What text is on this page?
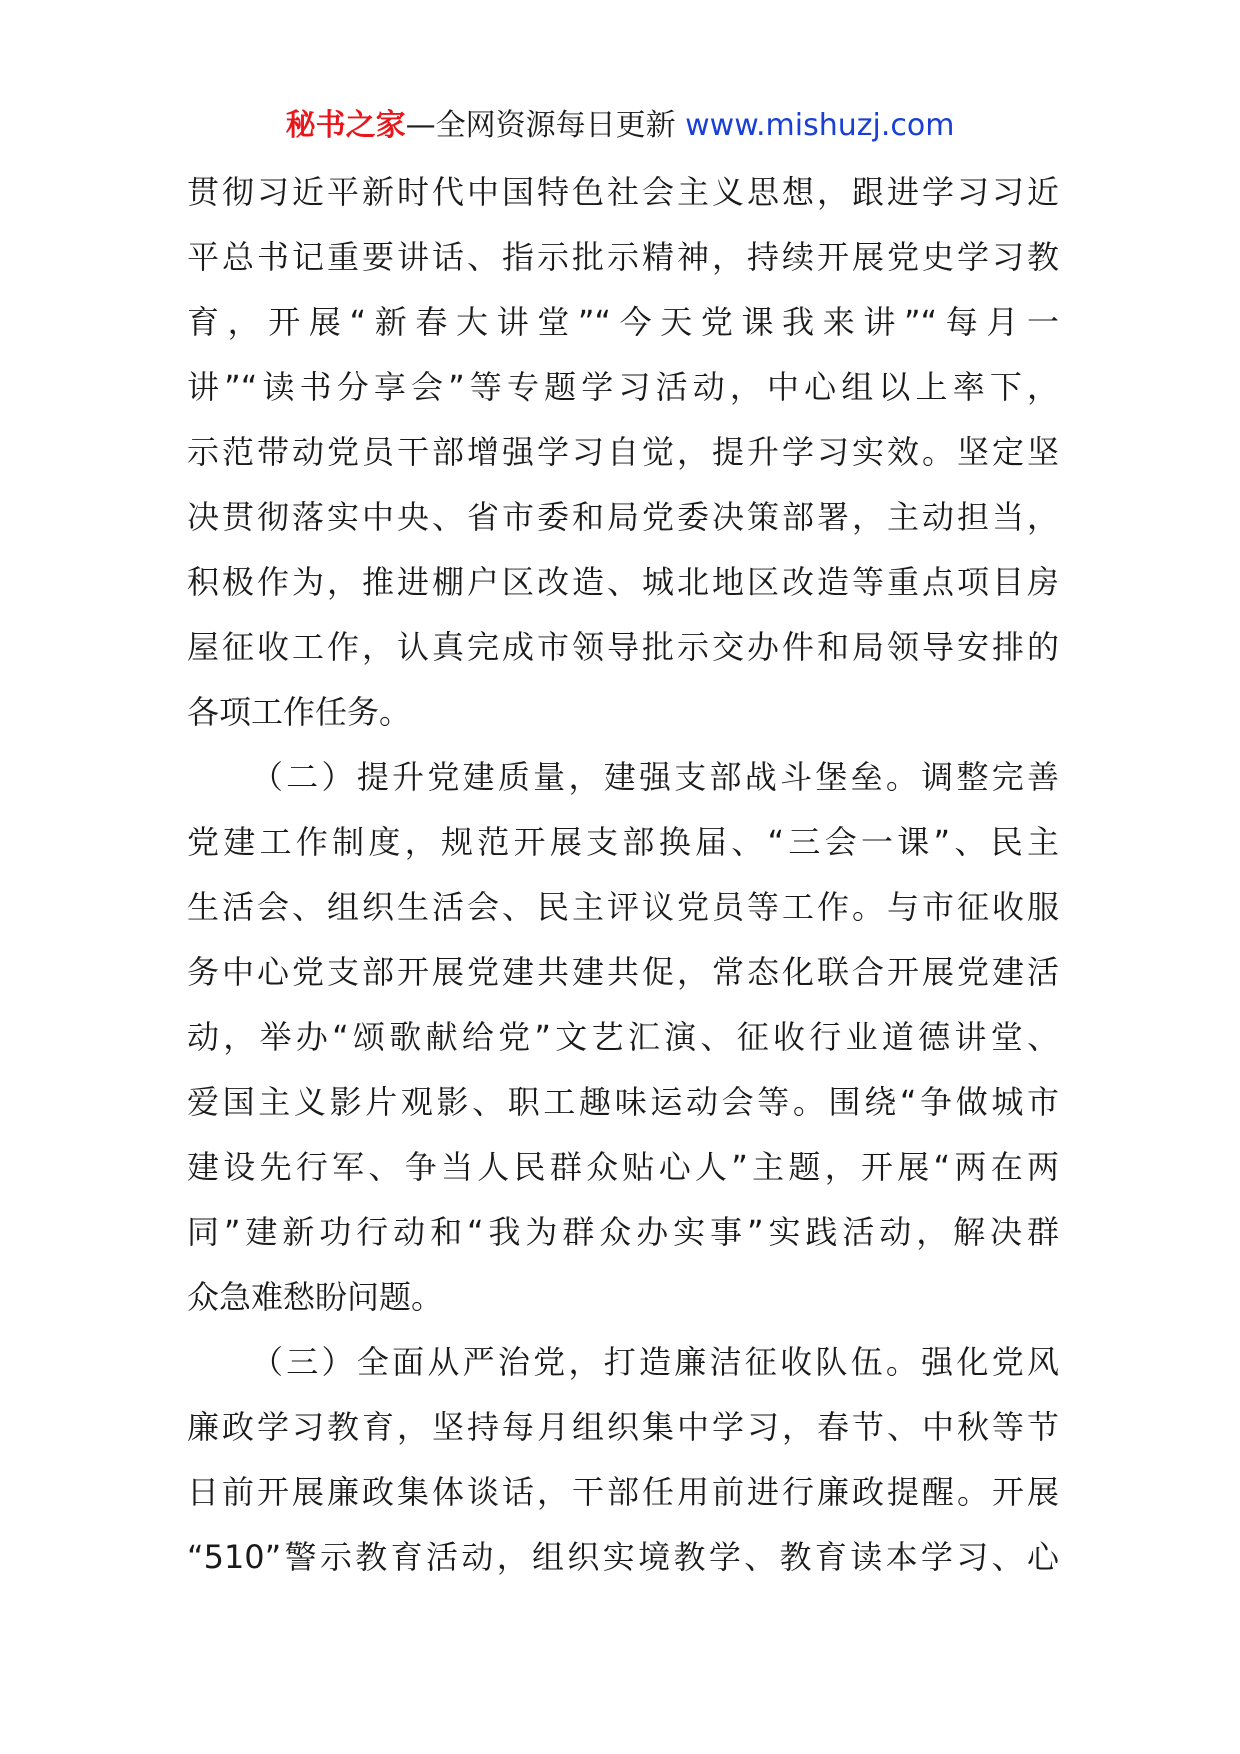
秘书之家—全网资源每日更新 www.mishuzj.com
贯彻习近平新时代中国特色社会主义思想，跟进学习习近
平总书记重要讲话、指示批示精神，持续开展党史学习教
育，开展“新春大讲堂”“今天党课我来讲”“每月一
讲”“读书分享会”等专题学习活动，中心组以上率下，
示范带动党员干部增强学习自觉，提升学习实效。坚定坚
决贯彻落实中央、省市委和局党委决策部署，主动担当，
积极作为，推进棚户区改造、城北地区改造等重点项目房
屋征收工作，认真完成市领导批示交办件和局领导安排的
各项工作任务。
（二）提升党建质量，建强支部战斗堡垒。调整完善
党建工作制度，规范开展支部换届、“三会一课”、民主
生活会、组织生活会、民主评议党员等工作。与市征收服
务中心党支部开展党建共建共促，常态化联合开展党建活
动，举办“颂歌献给党”文艺汇演、征收行业道德讲堂、
爱国主义影片观影、职工趣味运动会等。围绕“争做城市
建设先行军、争当人民群众贴心人”主题，开展“两在两
同”建新功行动和“我为群众办实事”实践活动，解决群
众急难愁盼问题。
（三）全面从严治党，打造廉洁征收队伍。强化党风
廉政学习教育，坚持每月组织集中学习，春节、中秋等节
日前开展廉政集体谈话，干部任用前进行廉政提醒。开展
“510”警示教育活动，组织实境教学、教育读本学习、心
